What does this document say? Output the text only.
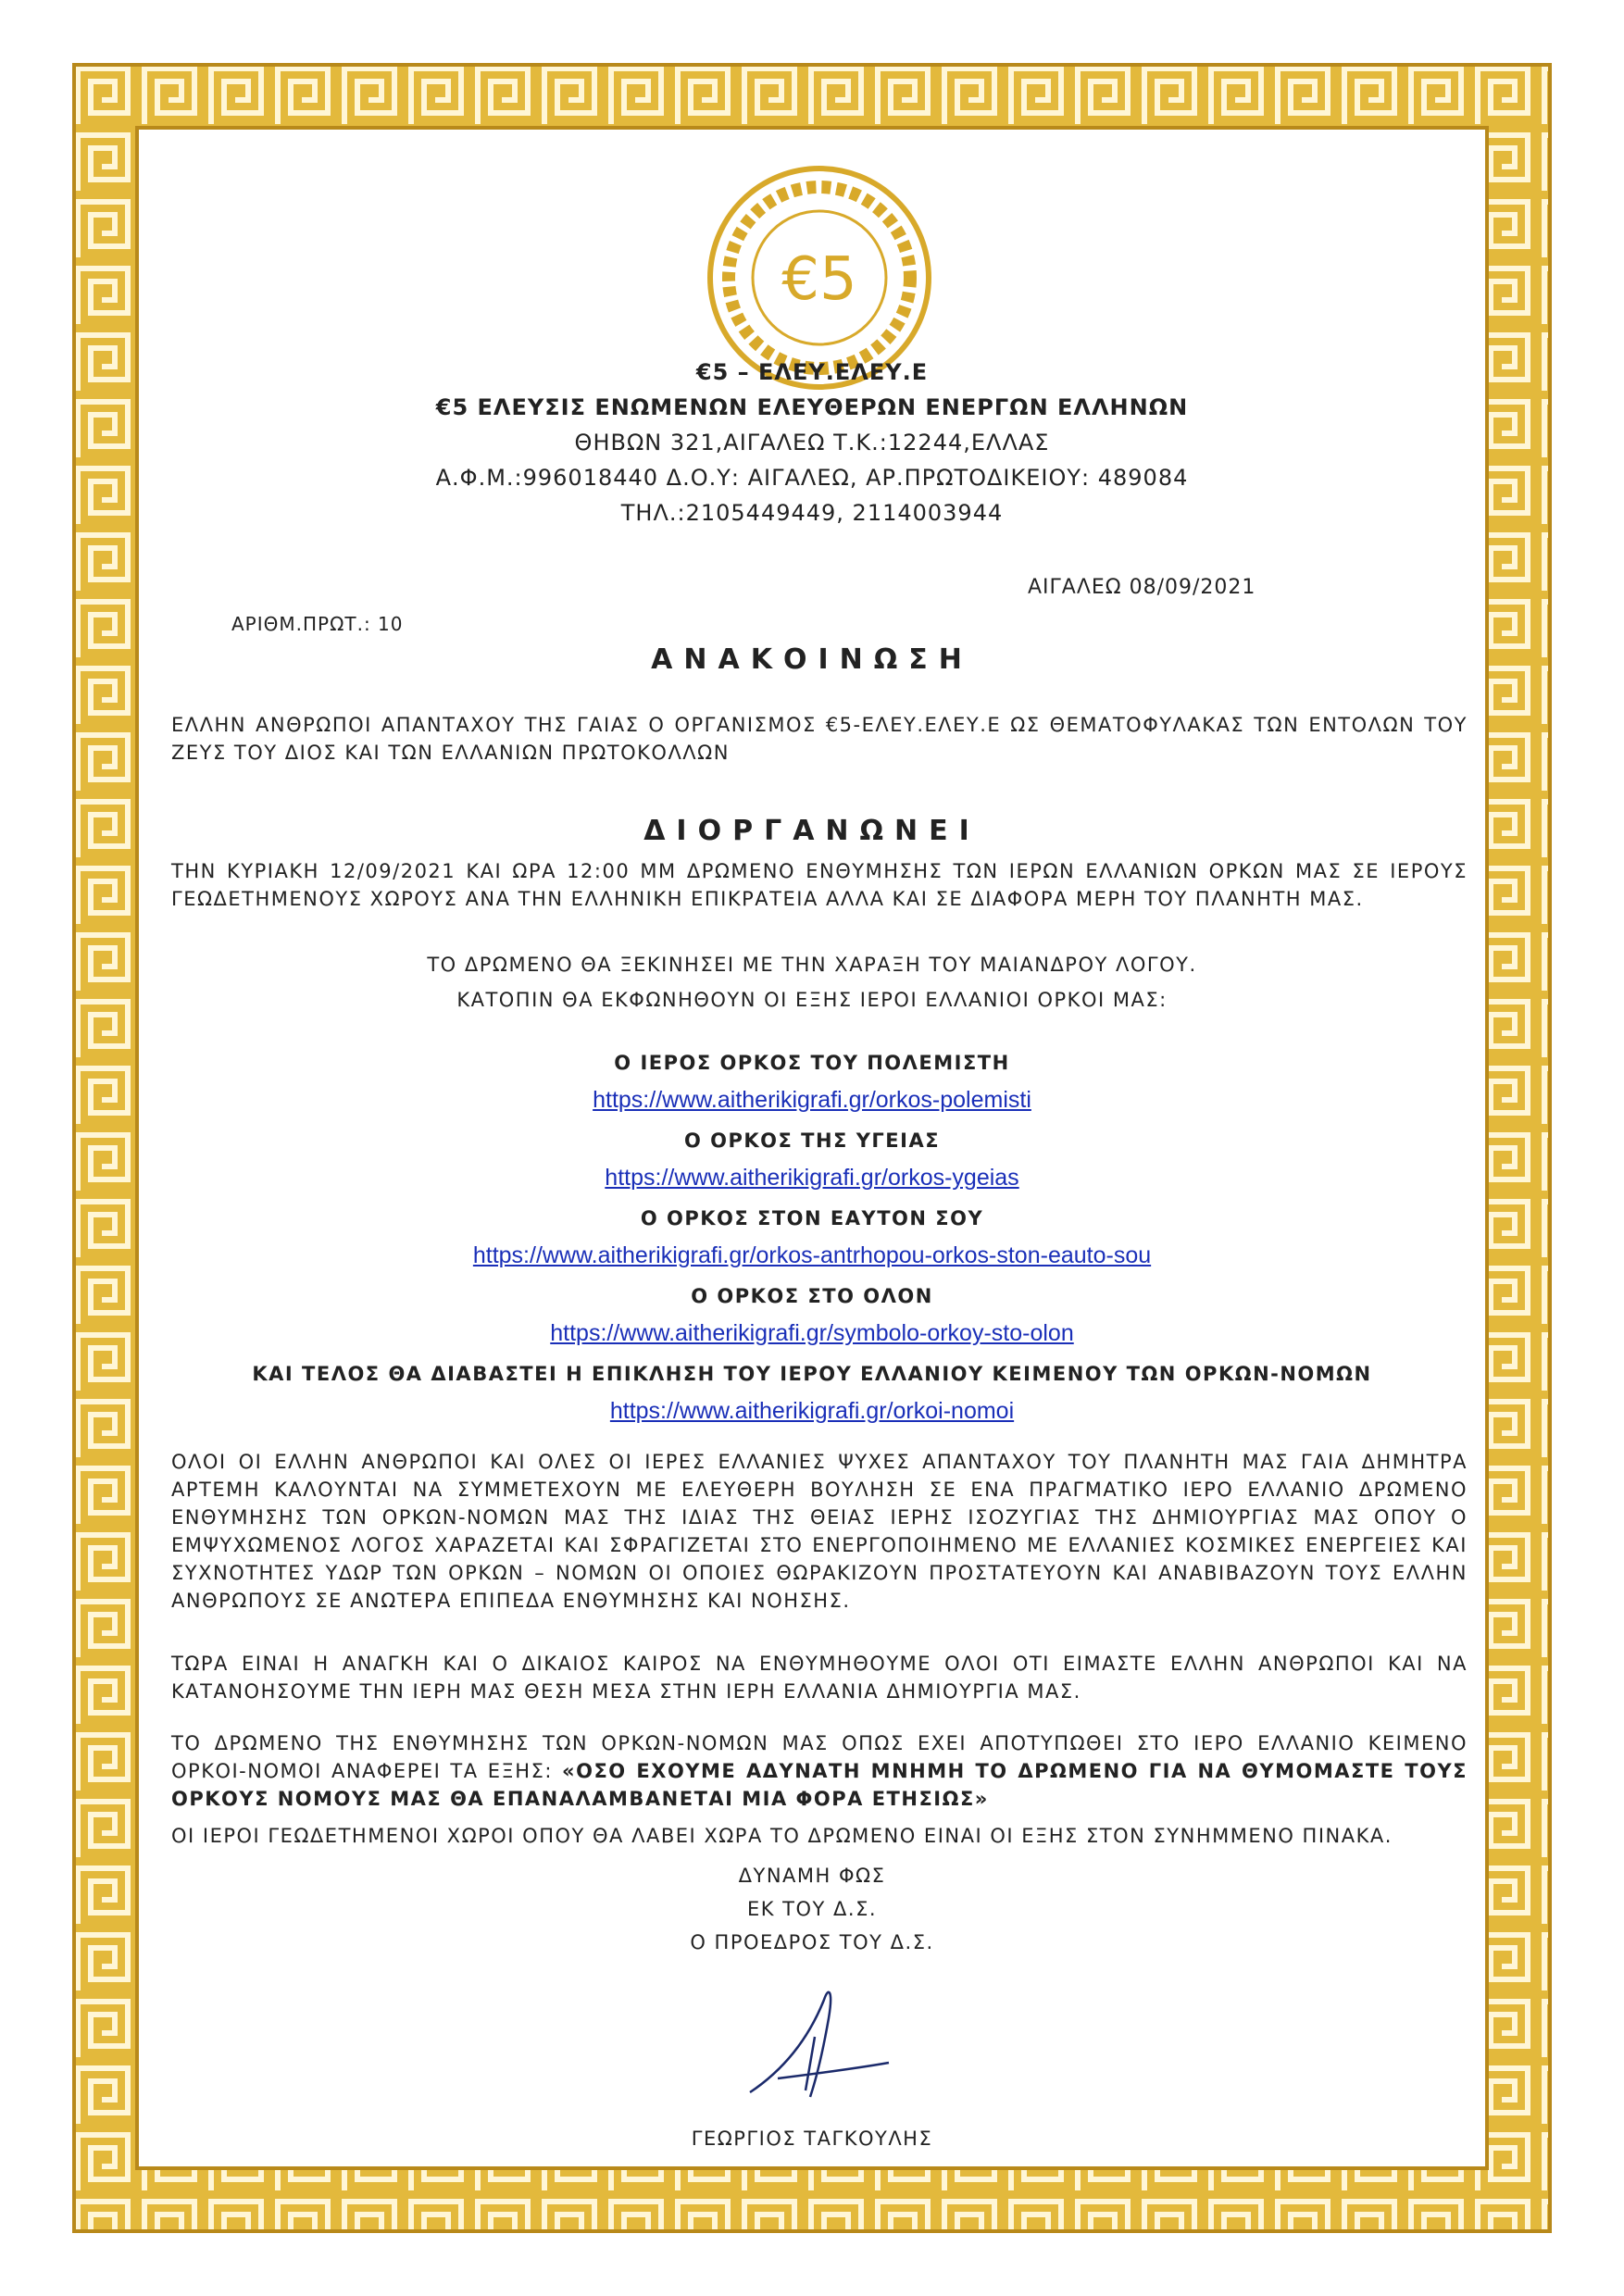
€5
€5 – ΕΛΕΥ.ΕΛΕΥ.Ε
€5 ΕΛΕΥΣΙΣ ΕΝΩΜΕΝΩΝ ΕΛΕΥΘΕΡΩΝ ΕΝΕΡΓΩΝ ΕΛΛΗΝΩΝ
ΘΗΒΩΝ 321,ΑΙΓΑΛΕΩ Τ.Κ.:12244,ΕΛΛΑΣ
Α.Φ.Μ.:996018440 Δ.Ο.Υ: ΑΙΓΑΛΕΩ, ΑΡ.ΠΡΩΤΟΔΙΚΕΙΟΥ: 489084
ΤΗΛ.:2105449449, 2114003944
ΑΙΓΑΛΕΩ 08/09/2021
ΑΡΙΘΜ.ΠΡΩΤ.: 10
ΑΝΑΚΟΙΝΩΣΗ
ΕΛΛΗΝ ΑΝΘΡΩΠΟΙ ΑΠΑΝΤΑΧΟΥ ΤΗΣ ΓΑΙΑΣ Ο ΟΡΓΑΝΙΣΜΟΣ €5-ΕΛΕΥ.ΕΛΕΥ.Ε ΩΣ ΘΕΜΑΤΟΦΥΛΑΚΑΣ ΤΩΝ ΕΝΤΟΛΩΝ ΤΟΥ ΖΕΥΣ ΤΟΥ ΔΙΟΣ ΚΑΙ ΤΩΝ ΕΛΛΑΝΙΩΝ ΠΡΩΤΟΚΟΛΛΩΝ
ΔΙΟΡΓΑΝΩΝΕΙ
ΤΗΝ ΚΥΡΙΑΚΗ 12/09/2021 ΚΑΙ ΩΡΑ 12:00 ΜΜ ΔΡΩΜΕΝΟ ΕΝΘΥΜΗΣΗΣ ΤΩΝ ΙΕΡΩΝ ΕΛΛΑΝΙΩΝ ΟΡΚΩΝ ΜΑΣ ΣΕ ΙΕΡΟΥΣ ΓΕΩΔΕΤΗΜΕΝΟΥΣ ΧΩΡΟΥΣ ΑΝΑ ΤΗΝ ΕΛΛΗΝΙΚΗ ΕΠΙΚΡΑΤΕΙΑ ΑΛΛΑ ΚΑΙ ΣΕ ΔΙΑΦΟΡΑ ΜΕΡΗ ΤΟΥ ΠΛΑΝΗΤΗ ΜΑΣ.
ΤΟ ΔΡΩΜΕΝΟ ΘΑ ΞΕΚΙΝΗΣΕΙ ΜΕ ΤΗΝ ΧΑΡΑΞΗ ΤΟΥ ΜΑΙΑΝΔΡΟΥ ΛΟΓΟΥ.
ΚΑΤΟΠΙΝ ΘΑ ΕΚΦΩΝΗΘΟΥΝ ΟΙ ΕΞΗΣ ΙΕΡΟΙ ΕΛΛΑΝΙΟΙ ΟΡΚΟΙ ΜΑΣ:
Ο ΙΕΡΟΣ ΟΡΚΟΣ ΤΟΥ ΠΟΛΕΜΙΣΤΗ
https://www.aitherikigrafi.gr/orkos-polemisti
Ο ΟΡΚΟΣ ΤΗΣ ΥΓΕΙΑΣ
https://www.aitherikigrafi.gr/orkos-ygeias
Ο ΟΡΚΟΣ ΣΤΟΝ ΕΑΥΤΟΝ ΣΟΥ
https://www.aitherikigrafi.gr/orkos-antrhopou-orkos-ston-eauto-sou
Ο ΟΡΚΟΣ ΣΤΟ ΟΛΟΝ
https://www.aitherikigrafi.gr/symbolo-orkoy-sto-olon
ΚΑΙ ΤΕΛΟΣ ΘΑ ΔΙΑΒΑΣΤΕΙ Η ΕΠΙΚΛΗΣΗ ΤΟΥ ΙΕΡΟΥ ΕΛΛΑΝΙΟΥ ΚΕΙΜΕΝΟΥ ΤΩΝ ΟΡΚΩΝ-ΝΟΜΩΝ
https://www.aitherikigrafi.gr/orkoi-nomoi
ΟΛΟΙ ΟΙ ΕΛΛΗΝ ΑΝΘΡΩΠΟΙ ΚΑΙ ΟΛΕΣ ΟΙ ΙΕΡΕΣ ΕΛΛΑΝΙΕΣ ΨΥΧΕΣ ΑΠΑΝΤΑΧΟΥ ΤΟΥ ΠΛΑΝΗΤΗ ΜΑΣ ΓΑΙΑ ΔΗΜΗΤΡΑ ΑΡΤΕΜΗ ΚΑΛΟΥΝΤΑΙ ΝΑ ΣΥΜΜΕΤΕΧΟΥΝ ΜΕ ΕΛΕΥΘΕΡΗ ΒΟΥΛΗΣΗ ΣΕ ΕΝΑ ΠΡΑΓΜΑΤΙΚΟ ΙΕΡΟ ΕΛΛΑΝΙΟ ΔΡΩΜΕΝΟ ΕΝΘΥΜΗΣΗΣ ΤΩΝ ΟΡΚΩΝ-ΝΟΜΩΝ ΜΑΣ ΤΗΣ ΙΔΙΑΣ ΤΗΣ ΘΕΙΑΣ ΙΕΡΗΣ ΙΣΟΖΥΓΙΑΣ ΤΗΣ ΔΗΜΙΟΥΡΓΙΑΣ ΜΑΣ ΟΠΟΥ Ο ΕΜΨΥΧΩΜΕΝΟΣ ΛΟΓΟΣ ΧΑΡΑΖΕΤΑΙ ΚΑΙ ΣΦΡΑΓΙΖΕΤΑΙ ΣΤΟ ΕΝΕΡΓΟΠΟΙΗΜΕΝΟ ΜΕ ΕΛΛΑΝΙΕΣ ΚΟΣΜΙΚΕΣ ΕΝΕΡΓΕΙΕΣ ΚΑΙ ΣΥΧΝΟΤΗΤΕΣ ΥΔΩΡ ΤΩΝ ΟΡΚΩΝ – ΝΟΜΩΝ ΟΙ ΟΠΟΙΕΣ ΘΩΡΑΚΙΖΟΥΝ ΠΡΟΣΤΑΤΕΥΟΥΝ ΚΑΙ ΑΝΑΒΙΒΑΖΟΥΝ ΤΟΥΣ ΕΛΛΗΝ ΑΝΘΡΩΠΟΥΣ ΣΕ ΑΝΩΤΕΡΑ ΕΠΙΠΕΔΑ ΕΝΘΥΜΗΣΗΣ ΚΑΙ ΝΟΗΣΗΣ.
ΤΩΡΑ ΕΙΝΑΙ Η ΑΝΑΓΚΗ ΚΑΙ Ο ΔΙΚΑΙΟΣ ΚΑΙΡΟΣ ΝΑ ΕΝΘΥΜΗΘΟΥΜΕ ΟΛΟΙ ΟΤΙ ΕΙΜΑΣΤΕ ΕΛΛΗΝ ΑΝΘΡΩΠΟΙ ΚΑΙ ΝΑ ΚΑΤΑΝΟΗΣΟΥΜΕ ΤΗΝ ΙΕΡΗ ΜΑΣ ΘΕΣΗ ΜΕΣΑ ΣΤΗΝ ΙΕΡΗ ΕΛΛΑΝΙΑ ΔΗΜΙΟΥΡΓΙΑ ΜΑΣ.
ΤΟ ΔΡΩΜΕΝΟ ΤΗΣ ΕΝΘΥΜΗΣΗΣ ΤΩΝ ΟΡΚΩΝ-ΝΟΜΩΝ ΜΑΣ ΟΠΩΣ ΕΧΕΙ ΑΠΟΤΥΠΩΘΕΙ ΣΤΟ ΙΕΡΟ ΕΛΛΑΝΙΟ ΚΕΙΜΕΝΟ ΟΡΚΟΙ-ΝΟΜΟΙ ΑΝΑΦΕΡΕΙ ΤΑ ΕΞΗΣ: «ΟΣΟ ΕΧΟΥΜΕ ΑΔΥΝΑΤΗ ΜΝΗΜΗ ΤΟ ΔΡΩΜΕΝΟ ΓΙΑ ΝΑ ΘΥΜΟΜΑΣΤΕ ΤΟΥΣ ΟΡΚΟΥΣ ΝΟΜΟΥΣ ΜΑΣ ΘΑ ΕΠΑΝΑΛΑΜΒΑΝΕΤΑΙ ΜΙΑ ΦΟΡΑ ΕΤΗΣΙΩΣ»
ΟΙ ΙΕΡΟΙ ΓΕΩΔΕΤΗΜΕΝΟΙ ΧΩΡΟΙ ΟΠΟΥ ΘΑ ΛΑΒΕΙ ΧΩΡΑ ΤΟ ΔΡΩΜΕΝΟ ΕΙΝΑΙ ΟΙ ΕΞΗΣ ΣΤΟΝ ΣΥΝΗΜΜΕΝΟ ΠΙΝΑΚΑ.
ΔΥΝΑΜΗ ΦΩΣ
ΕΚ ΤΟΥ Δ.Σ.
Ο ΠΡΟΕΔΡΟΣ ΤΟΥ Δ.Σ.
ΓΕΩΡΓΙΟΣ ΤΑΓΚΟΥΛΗΣ
